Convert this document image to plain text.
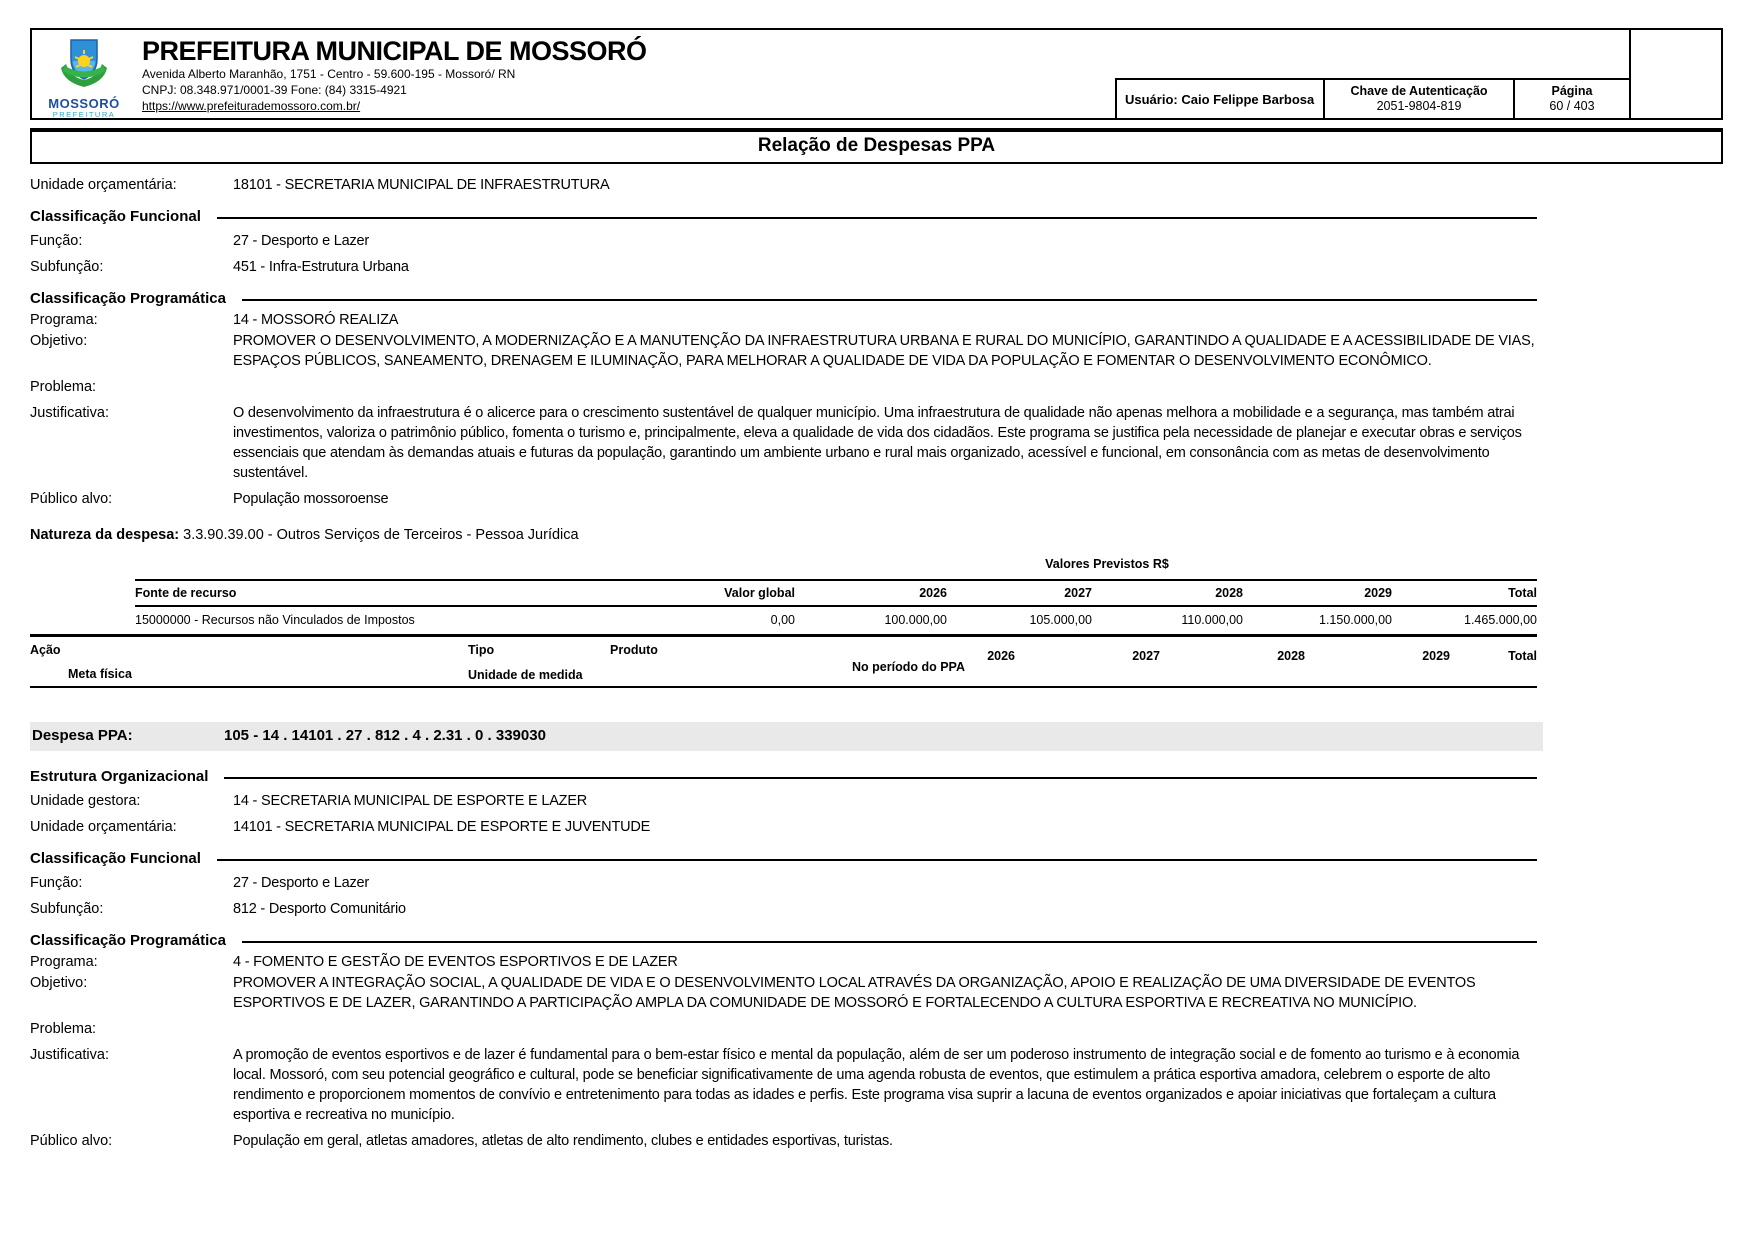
MOSSORÓ
PREFEITURA
PREFEITURA MUNICIPAL DE MOSSORÓ
Avenida Alberto Maranhão, 1751 - Centro - 59.600-195 - Mossoró/ RN
CNPJ: 08.348.971/0001-39 Fone: (84) 3315-4921
https://www.prefeiturademossoro.com.br/	Usuário: Caio Felippe Barbosa
Chave de Autenticação
2051-9804-819
Página
60 / 403
Relação de Despesas PPA
Unidade orçamentária:	18101 - SECRETARIA MUNICIPAL DE INFRAESTRUTURA
Classificação Funcional
Função:	27 - Desporto e Lazer
Subfunção:	451 - Infra-Estrutura Urbana
Classificação Programática
Programa:	14 - MOSSORÓ REALIZA
Objetivo:	PROMOVER O DESENVOLVIMENTO, A MODERNIZAÇÃO E A MANUTENÇÃO DA INFRAESTRUTURA URBANA E RURAL DO MUNICÍPIO, GARANTINDO A QUALIDADE E A ACESSIBILIDADE DE VIAS, ESPAÇOS PÚBLICOS, SANEAMENTO, DRENAGEM E ILUMINAÇÃO, PARA MELHORAR A QUALIDADE DE VIDA DA POPULAÇÃO E FOMENTAR O DESENVOLVIMENTO ECONÔMICO.
Problema:
Justificativa:	O desenvolvimento da infraestrutura é o alicerce para o crescimento sustentável de qualquer município. Uma infraestrutura de qualidade não apenas melhora a mobilidade e a segurança, mas também atrai investimentos, valoriza o patrimônio público, fomenta o turismo e, principalmente, eleva a qualidade de vida dos cidadãos. Este programa se justifica pela necessidade de planejar e executar obras e serviços essenciais que atendam às demandas atuais e futuras da população, garantindo um ambiente urbano e rural mais organizado, acessível e funcional, em consonância com as metas de desenvolvimento sustentável.
Público alvo:	População mossoroense
Natureza da despesa: 3.3.90.39.00 - Outros Serviços de Terceiros - Pessoa Jurídica
Valores Previstos R$
Fonte de recurso	Valor global	2026	2027	2028	2029	Total
15000000 - Recursos não Vinculados de Impostos	0,00	100.000,00	105.000,00	110.000,00	1.150.000,00	1.465.000,00
Ação	Tipo	Produto
Meta física	Unidade de medida
No período do PPA
2026	2027	2028	2029	Total
Despesa PPA:	105 - 14 . 14101 . 27 . 812 . 4 . 2.31 . 0 . 339030
Estrutura Organizacional
Unidade gestora:	14 - SECRETARIA MUNICIPAL DE ESPORTE E LAZER
Unidade orçamentária:	14101 - SECRETARIA MUNICIPAL DE ESPORTE E JUVENTUDE
Classificação Funcional
Função:	27 - Desporto e Lazer
Subfunção:	812 - Desporto Comunitário
Classificação Programática
Programa:	4 - FOMENTO E GESTÃO DE EVENTOS ESPORTIVOS E DE LAZER
Objetivo:	PROMOVER A INTEGRAÇÃO SOCIAL, A QUALIDADE DE VIDA E O DESENVOLVIMENTO LOCAL ATRAVÉS DA ORGANIZAÇÃO, APOIO E REALIZAÇÃO DE UMA DIVERSIDADE DE EVENTOS ESPORTIVOS E DE LAZER, GARANTINDO A PARTICIPAÇÃO AMPLA DA COMUNIDADE DE MOSSORÓ E FORTALECENDO A CULTURA ESPORTIVA E RECREATIVA NO MUNICÍPIO.
Problema:
Justificativa:	A promoção de eventos esportivos e de lazer é fundamental para o bem-estar físico e mental da população, além de ser um poderoso instrumento de integração social e de fomento ao turismo e à economia local. Mossoró, com seu potencial geográfico e cultural, pode se beneficiar significativamente de uma agenda robusta de eventos, que estimulem a prática esportiva amadora, celebrem o esporte de alto rendimento e proporcionem momentos de convívio e entretenimento para todas as idades e perfis. Este programa visa suprir a lacuna de eventos organizados e apoiar iniciativas que fortaleçam a cultura esportiva e recreativa no município.
Público alvo:	População em geral, atletas amadores, atletas de alto rendimento, clubes e entidades esportivas, turistas.
